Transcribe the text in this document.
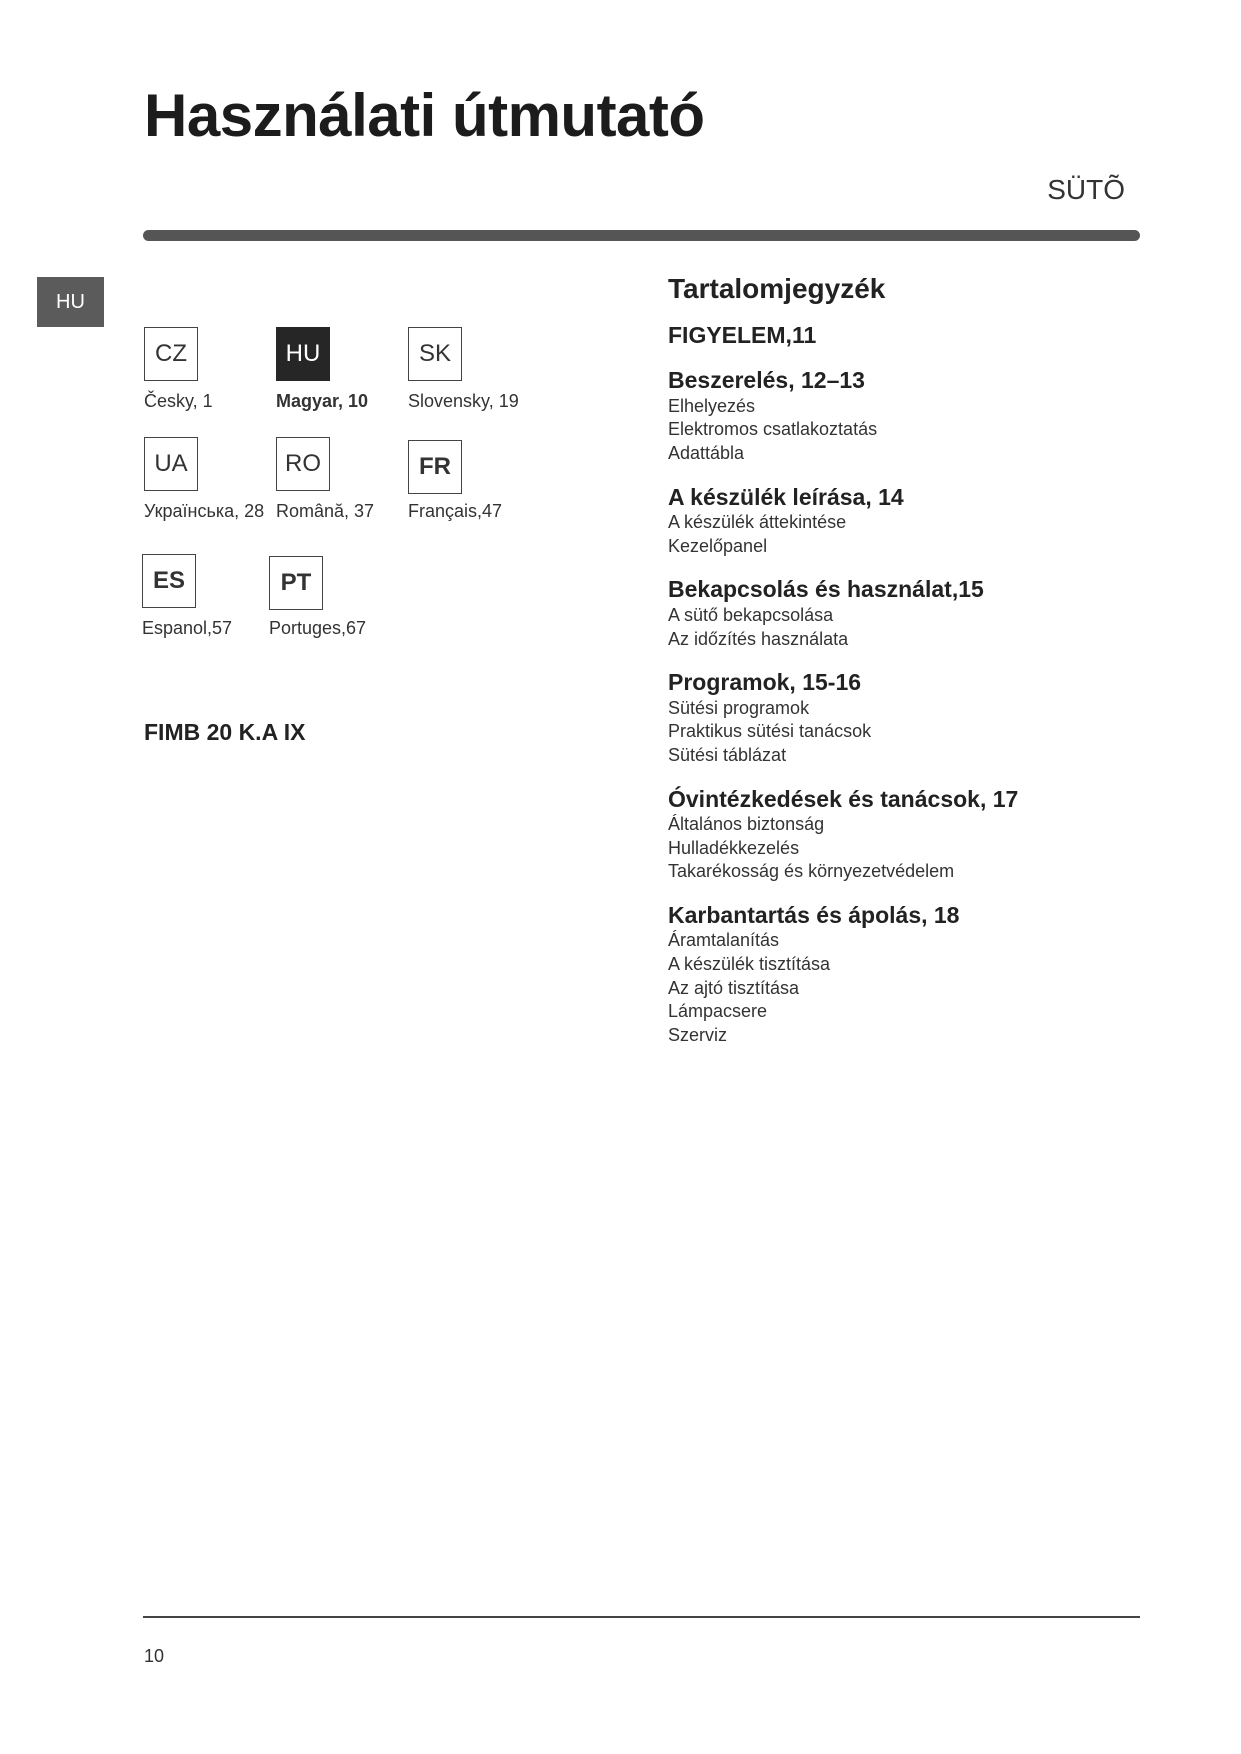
Használati útmutató
SÜTÕ
HU
CZ
Česky, 1
HU
Magyar, 10
SK
Slovensky, 19
UA
Українська, 28
RO
Română, 37
FR
Français,47
ES
Espanol,57
PT
Portuges,67
FIMB 20 K.A IX
Tartalomjegyzék
FIGYELEM,11
Beszerelés, 12–13
Elhelyezés
Elektromos csatlakoztatás
Adattábla
A készülék leírása, 14
A készülék áttekintése
Kezelőpanel
Bekapcsolás és használat,15
A sütő bekapcsolása
Az időzítés használata
Programok, 15-16
Sütési programok
Praktikus sütési tanácsok
Sütési táblázat
Óvintézkedések és tanácsok, 17
Általános biztonság
Hulladékkezelés
Takarékosság és környezetvédelem
Karbantartás és ápolás, 18
Áramtalanítás
A készülék tisztítása
Az ajtó tisztítása
Lámpacsere
Szerviz
10
